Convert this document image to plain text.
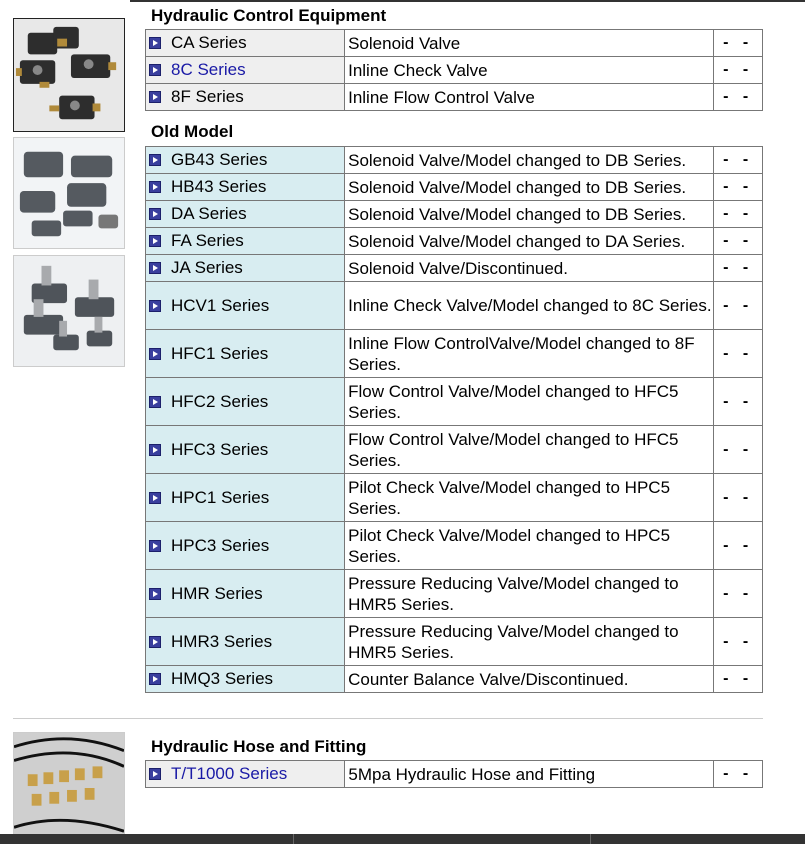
Hydraulic Control Equipment
CA Series	Solenoid Valve	- -
8C Series	Inline Check Valve	- -
8F Series	Inline Flow Control Valve	- -
Old Model
GB43 Series	Solenoid Valve/Model changed to DB Series.	- -
HB43 Series	Solenoid Valve/Model changed to DB Series.	- -
DA Series	Solenoid Valve/Model changed to DB Series.	- -
FA Series	Solenoid Valve/Model changed to DA Series.	- -
JA Series	Solenoid Valve/Discontinued.	- -
HCV1 Series	Inline Check Valve/Model changed to 8C Series.	- -
HFC1 Series	Inline Flow ControlValve/Model changed to 8F Series.	- -
HFC2 Series	Flow Control Valve/Model changed to HFC5 Series.	- -
HFC3 Series	Flow Control Valve/Model changed to HFC5 Series.	- -
HPC1 Series	Pilot Check Valve/Model changed to HPC5 Series.	- -
HPC3 Series	Pilot Check Valve/Model changed to HPC5 Series.	- -
HMR Series	Pressure Reducing Valve/Model changed to HMR5 Series.	- -
HMR3 Series	Pressure Reducing Valve/Model changed to HMR5 Series.	- -
HMQ3 Series	Counter Balance Valve/Discontinued.	- -
Hydraulic Hose and Fitting
T/T1000 Series	5Mpa Hydraulic Hose and Fitting	- -
